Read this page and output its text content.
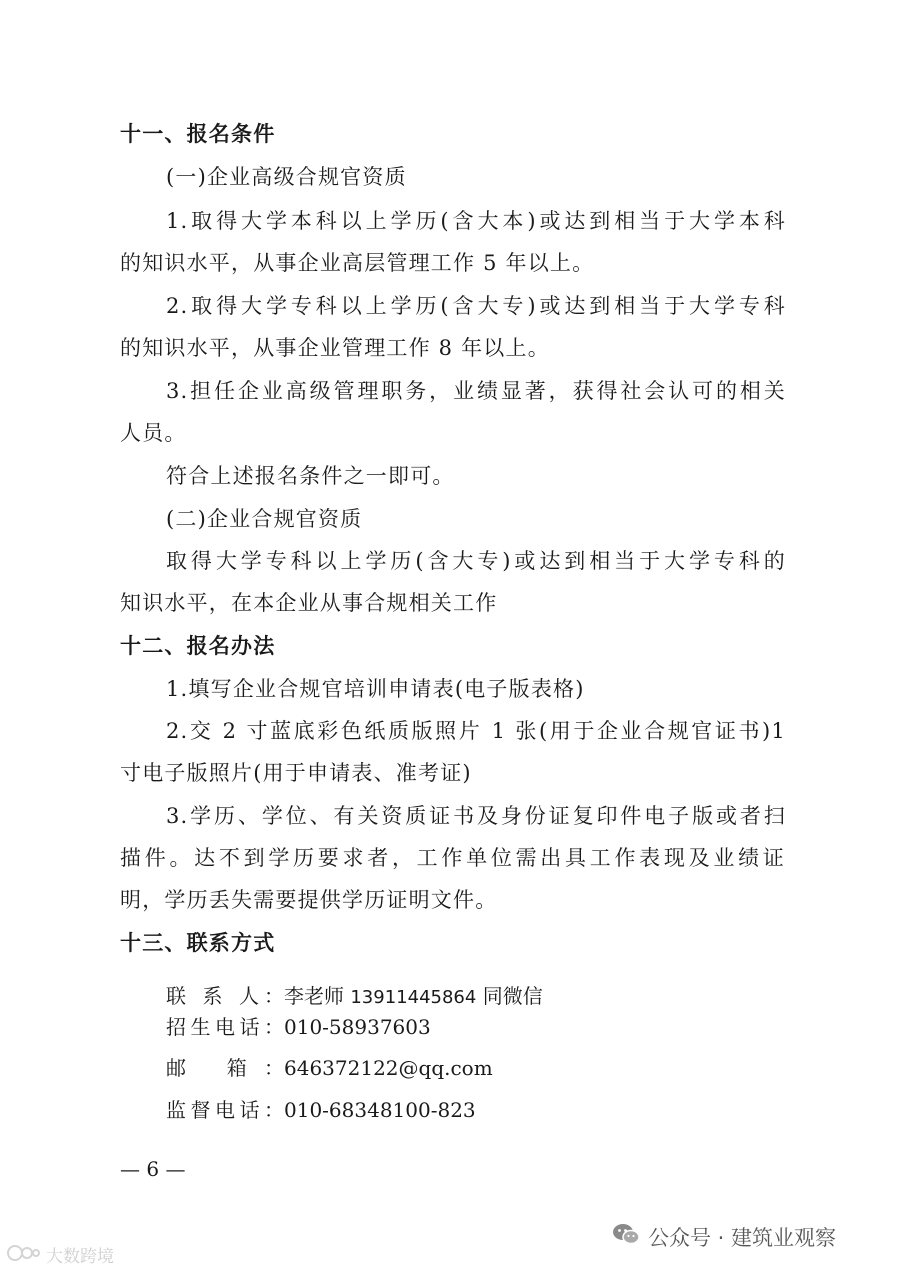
十一、报名条件
(一)企业高级合规官资质
1.取得大学本科以上学历(含大本)或达到相当于大学本科
的知识水平，从事企业高层管理工作 5 年以上。
2.取得大学专科以上学历(含大专)或达到相当于大学专科
的知识水平，从事企业管理工作 8 年以上。
3.担任企业高级管理职务，业绩显著，获得社会认可的相关
人员。
符合上述报名条件之一即可。
(二)企业合规官资质
取得大学专科以上学历(含大专)或达到相当于大学专科的
知识水平，在本企业从事合规相关工作
十二、报名办法
1.填写企业合规官培训申请表(电子版表格)
2.交 2 寸蓝底彩色纸质版照片 1 张(用于企业合规官证书)1
寸电子版照片(用于申请表、准考证)
3.学历、学位、有关资质证书及身份证复印件电子版或者扫
描件。达不到学历要求者，工作单位需出具工作表现及业绩证
明，学历丢失需要提供学历证明文件。
十三、联系方式
联 系 人：李老师 13911445864 同微信
招生电话：010-58937603
邮 箱：646372122@qq.com
监督电话：010-68348100-823
— 6 —
公众号 · 建筑业观察
大数跨境
